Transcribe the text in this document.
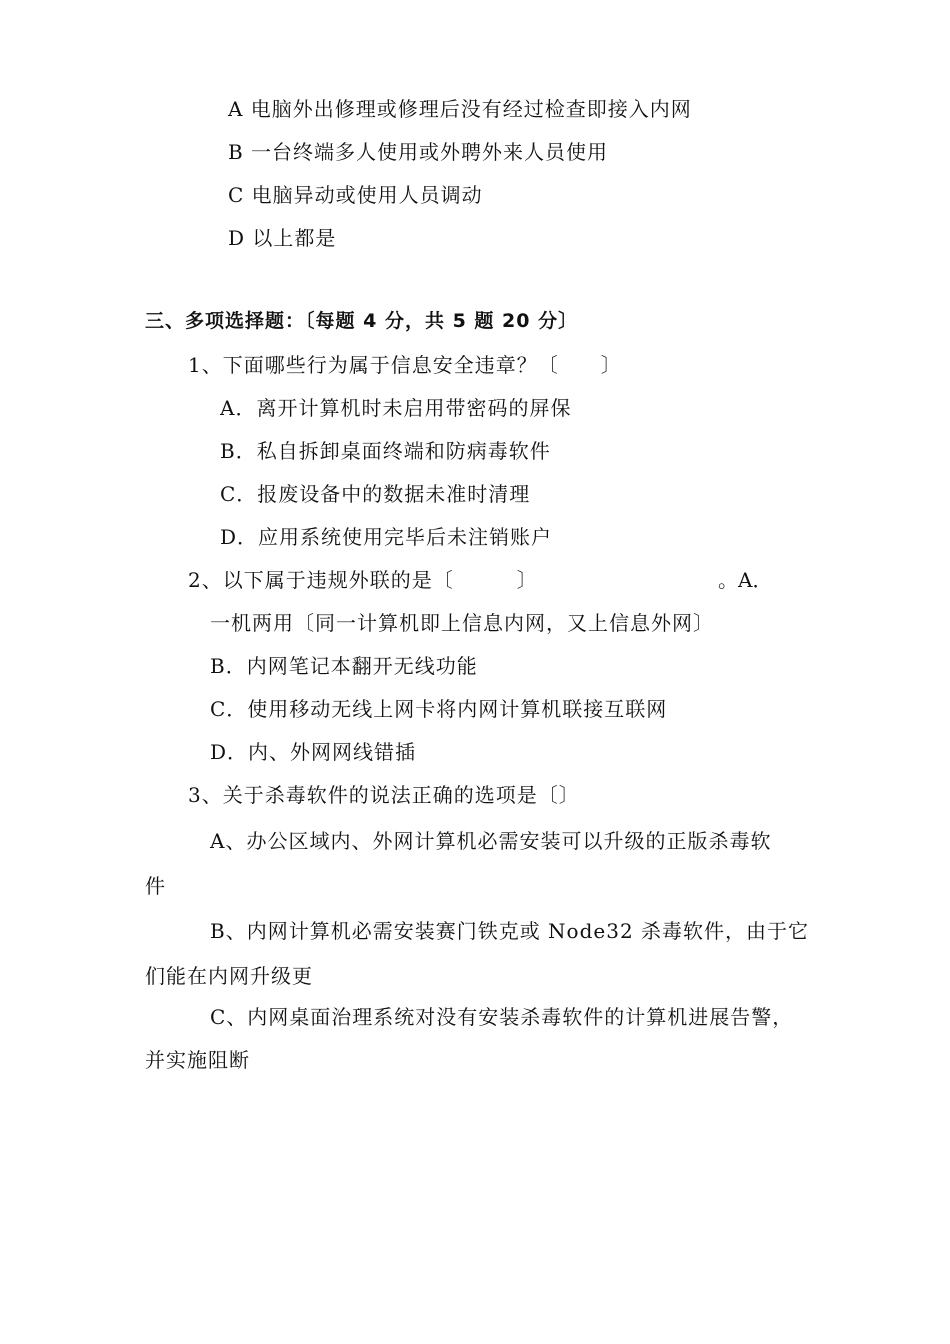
A 电脑外出修理或修理后没有经过检查即接入内网
B 一台终端多人使用或外聘外来人员使用
C 电脑异动或使用人员调动
D 以上都是
三、多项选择题：〔每题 4 分，共 5 题 20 分〕
1、下面哪些行为属于信息安全违章？〔　　〕
A．离开计算机时未启用带密码的屏保
B．私自拆卸桌面终端和防病毒软件
C．报废设备中的数据未准时清理
D．应用系统使用完毕后未注销账户
2、以下属于违规外联的是〔　　　〕	。A．
一机两用〔同一计算机即上信息内网，又上信息外网〕
B．内网笔记本翻开无线功能
C．使用移动无线上网卡将内网计算机联接互联网
D．内、外网网线错插
3、关于杀毒软件的说法正确的选项是〔〕
A、办公区域内、外网计算机必需安装可以升级的正版杀毒软
件
B、内网计算机必需安装赛门铁克或 Node32 杀毒软件，由于它
们能在内网升级更
C、内网桌面治理系统对没有安装杀毒软件的计算机进展告警，
并实施阻断
